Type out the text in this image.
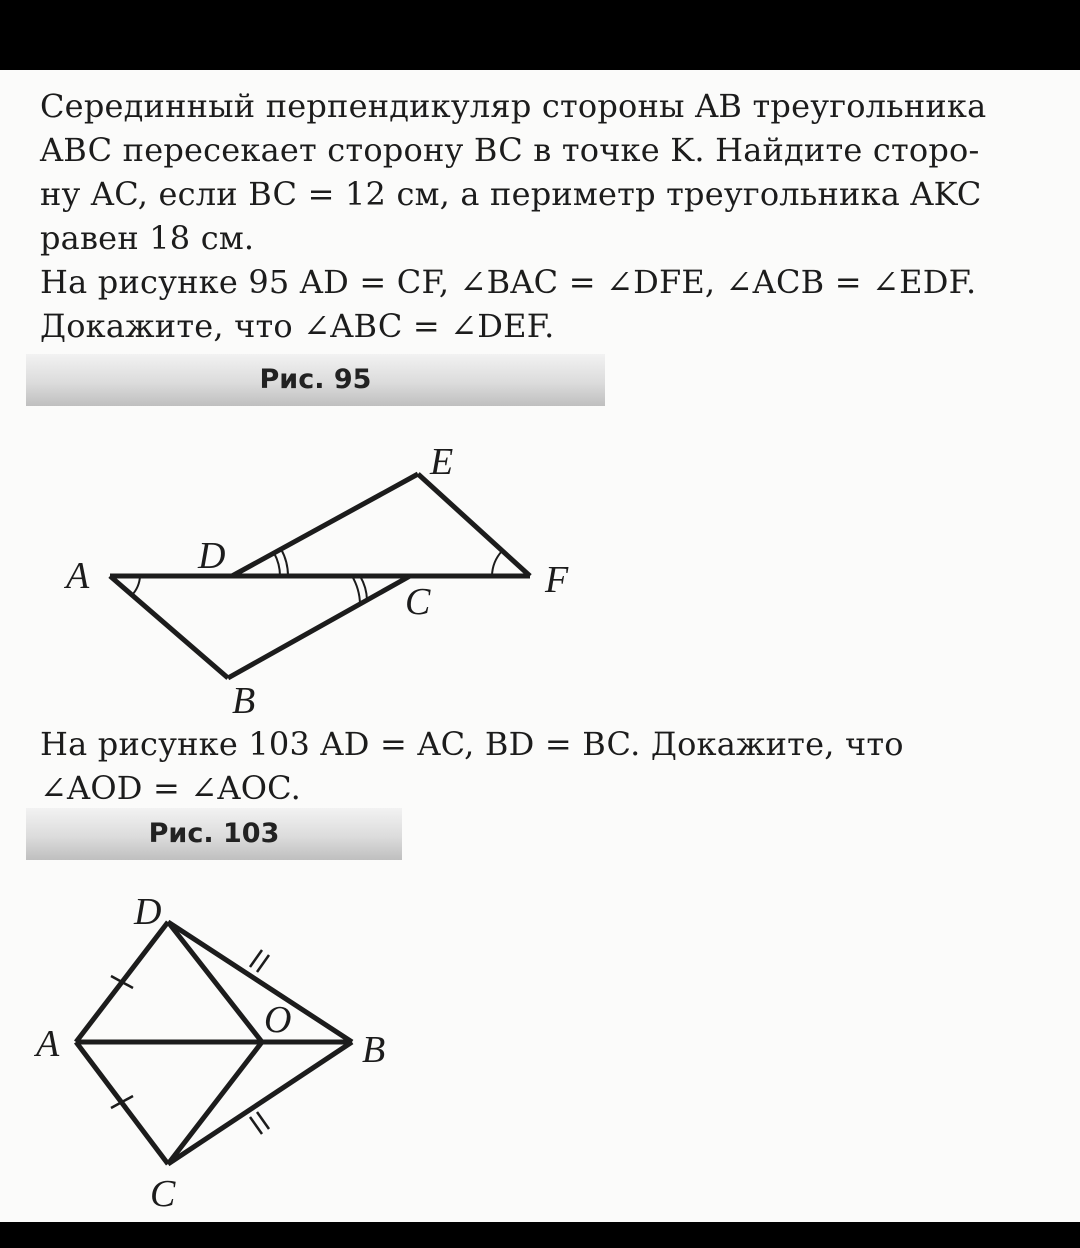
Серединный перпендикуляр стороны AB треугольника
ABC пересекает сторону BC в точке K. Найдите сторо-
ну AC, если BC = 12 см, а периметр треугольника AKC
равен 18 см.
На рисунке 95 AD = CF, ∠BAC = ∠DFE, ∠ACB = ∠EDF.
Докажите, что ∠ABC = ∠DEF.
Рис. 95
A
B
C
D
E
F
На рисунке 103 AD = AC, BD = BC. Докажите, что
∠AOD = ∠AOC.
Рис. 103
A	B
C
D
O
